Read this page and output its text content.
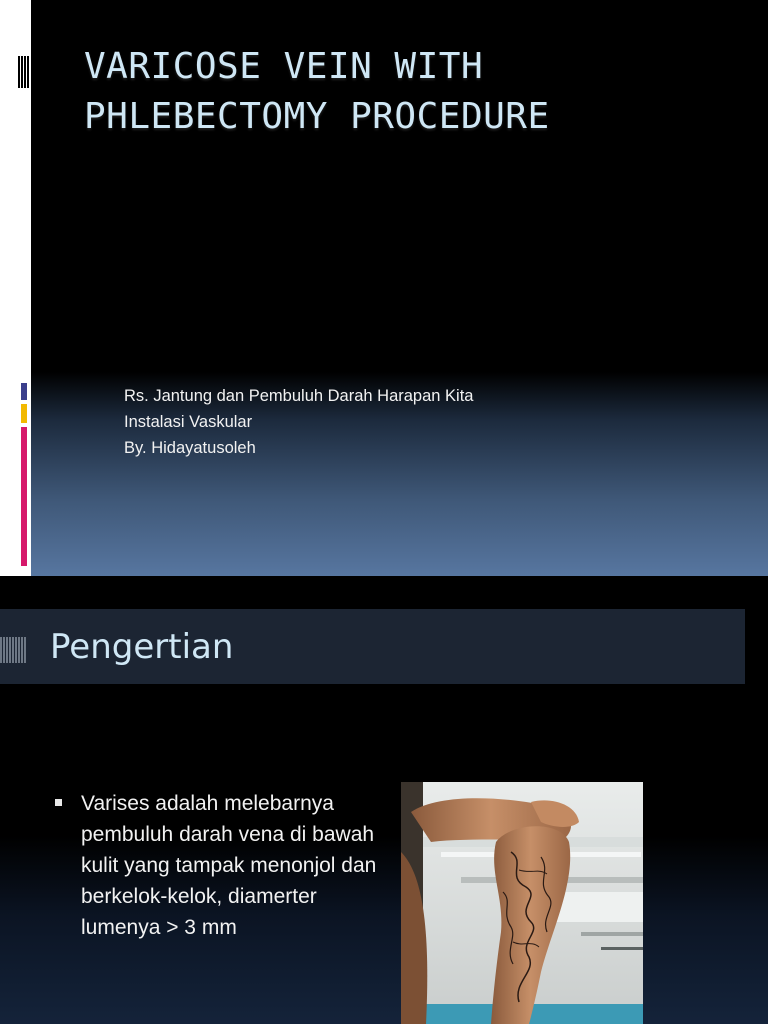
VARICOSE VEIN WITH
PHLEBECTOMY PROCEDURE
Rs. Jantung dan Pembuluh Darah Harapan Kita
Instalasi Vaskular
By. Hidayatusoleh
Pengertian
Varises adalah melebarnya pembuluh darah vena di bawah kulit yang tampak menonjol dan berkelok-kelok, diamerter lumenya > 3 mm
